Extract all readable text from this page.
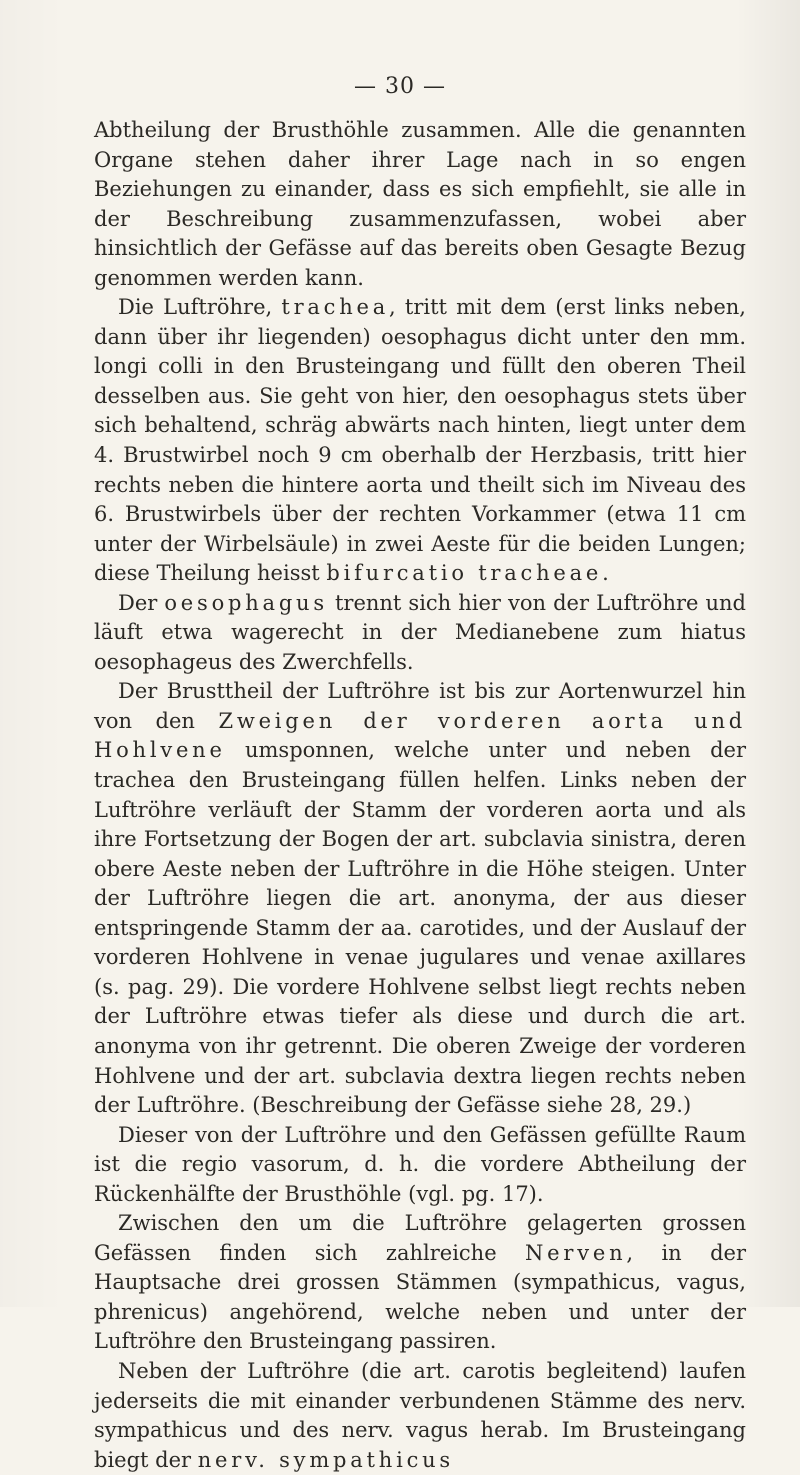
— 30 —

Abtheilung der Brusthöhle zusammen. Alle die genannten Organe stehen daher ihrer Lage nach in so engen Beziehungen zu einander, dass es sich empfiehlt, sie alle in der Beschreibung zusammenzufassen, wobei aber hinsichtlich der Gefässe auf das bereits oben Gesagte Bezug genommen werden kann.

Die Luftröhre, trachea, tritt mit dem (erst links neben, dann über ihr liegenden) oesophagus dicht unter den mm. longi colli in den Brusteingang und füllt den oberen Theil desselben aus. Sie geht von hier, den oesophagus stets über sich behaltend, schräg abwärts nach hinten, liegt unter dem 4. Brustwirbel noch 9 cm oberhalb der Herzbasis, tritt hier rechts neben die hintere aorta und theilt sich im Niveau des 6. Brustwirbels über der rechten Vorkammer (etwa 11 cm unter der Wirbelsäule) in zwei Aeste für die beiden Lungen; diese Theilung heisst bifurcatio tracheae.

Der oesophagus trennt sich hier von der Luftröhre und läuft etwa wagerecht in der Medianebene zum hiatus oesophageus des Zwerchfells.

Der Brusttheil der Luftröhre ist bis zur Aortenwurzel hin von den Zweigen der vorderen aorta und Hohlvene umsponnen, welche unter und neben der trachea den Brusteingang füllen helfen. Links neben der Luftröhre verläuft der Stamm der vorderen aorta und als ihre Fortsetzung der Bogen der art. subclavia sinistra, deren obere Aeste neben der Luftröhre in die Höhe steigen. Unter der Luftröhre liegen die art. anonyma, der aus dieser entspringende Stamm der aa. carotides, und der Auslauf der vorderen Hohlvene in venae jugulares und venae axillares (s. pag. 29). Die vordere Hohlvene selbst liegt rechts neben der Luftröhre etwas tiefer als diese und durch die art. anonyma von ihr getrennt. Die oberen Zweige der vorderen Hohlvene und der art. subclavia dextra liegen rechts neben der Luftröhre. (Beschreibung der Gefässe siehe 28, 29.)

Dieser von der Luftröhre und den Gefässen gefüllte Raum ist die regio vasorum, d. h. die vordere Abtheilung der Rückenhälfte der Brusthöhle (vgl. pg. 17).

Zwischen den um die Luftröhre gelagerten grossen Gefässen finden sich zahlreiche Nerven, in der Hauptsache drei grossen Stämmen (sympathicus, vagus, phrenicus) angehörend, welche neben und unter der Luftröhre den Brusteingang passiren.

Neben der Luftröhre (die art. carotis begleitend) laufen jederseits die mit einander verbundenen Stämme des nerv. sympathicus und des nerv. vagus herab. Im Brusteingang biegt der nerv. sympathicus
